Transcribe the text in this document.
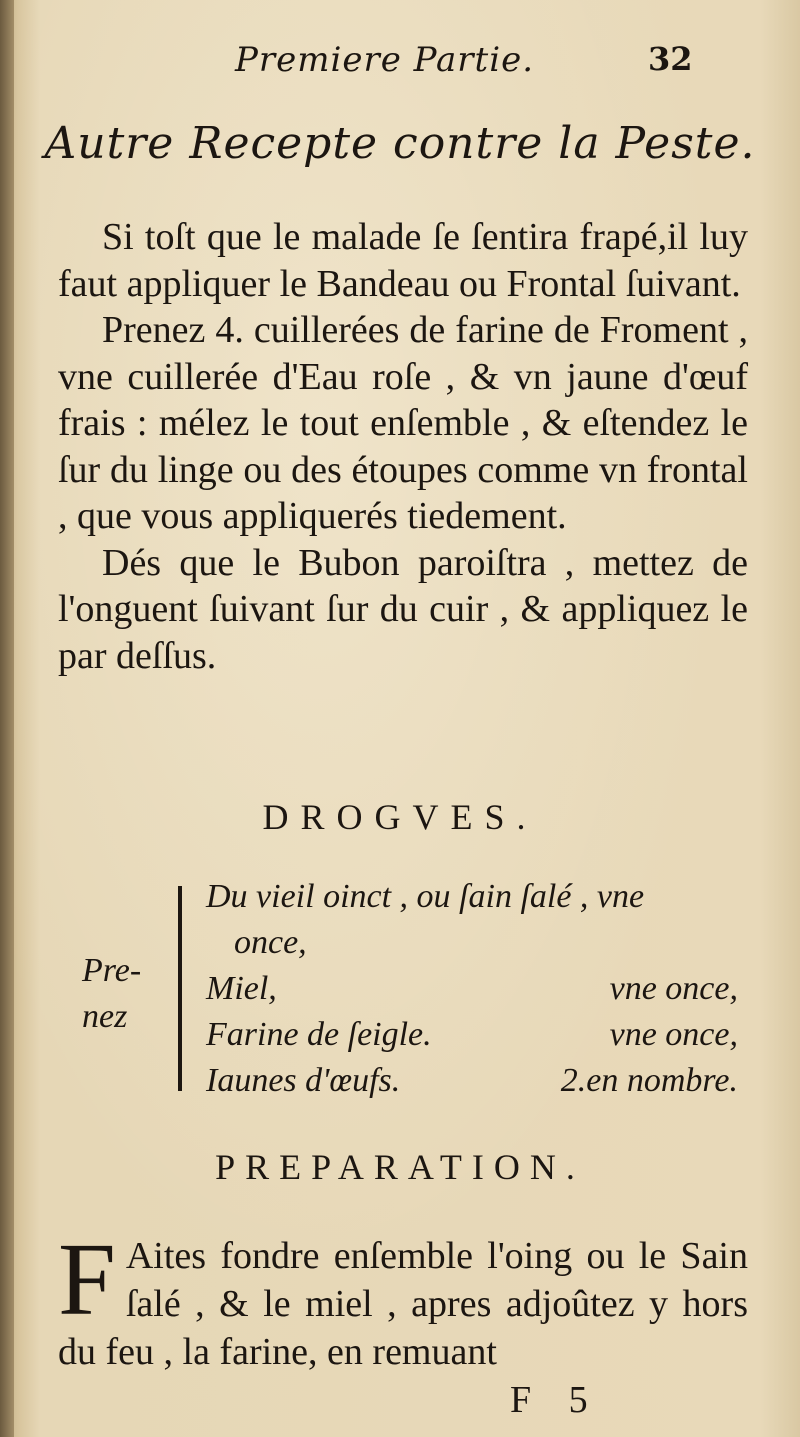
Premiere Partie.	32
Autre Recepte contre la Peste.

Si toſt que le malade ſe ſentira frapé,il luy faut appliquer le Bandeau ou Frontal ſuivant.

Prenez 4. cuillerées de farine de Froment , vne cuillerée d'Eau roſe , & vn jaune d'œuf frais : mélez le tout enſemble , & eſtendez le ſur du linge ou des étoupes comme vn frontal , que vous appliquerés tiedement.

Dés que le Bubon paroiſtra , mettez de l'onguent ſuivant ſur du cuir , & appliquez le par deſſus.

DROGVES.
Pre-
nez
Du vieil oinct , ou ſain ſalé , vne
once,
Miel,	vne once,
Farine de ſeigle.	vne once,
Iaunes d'œufs.	2.en nombre.
PREPARATION.
F Aites fondre enſemble l'oing ou le Sain ſalé , & le miel , apres adjoûtez y hors du feu , la farine, en remuant

F 5
